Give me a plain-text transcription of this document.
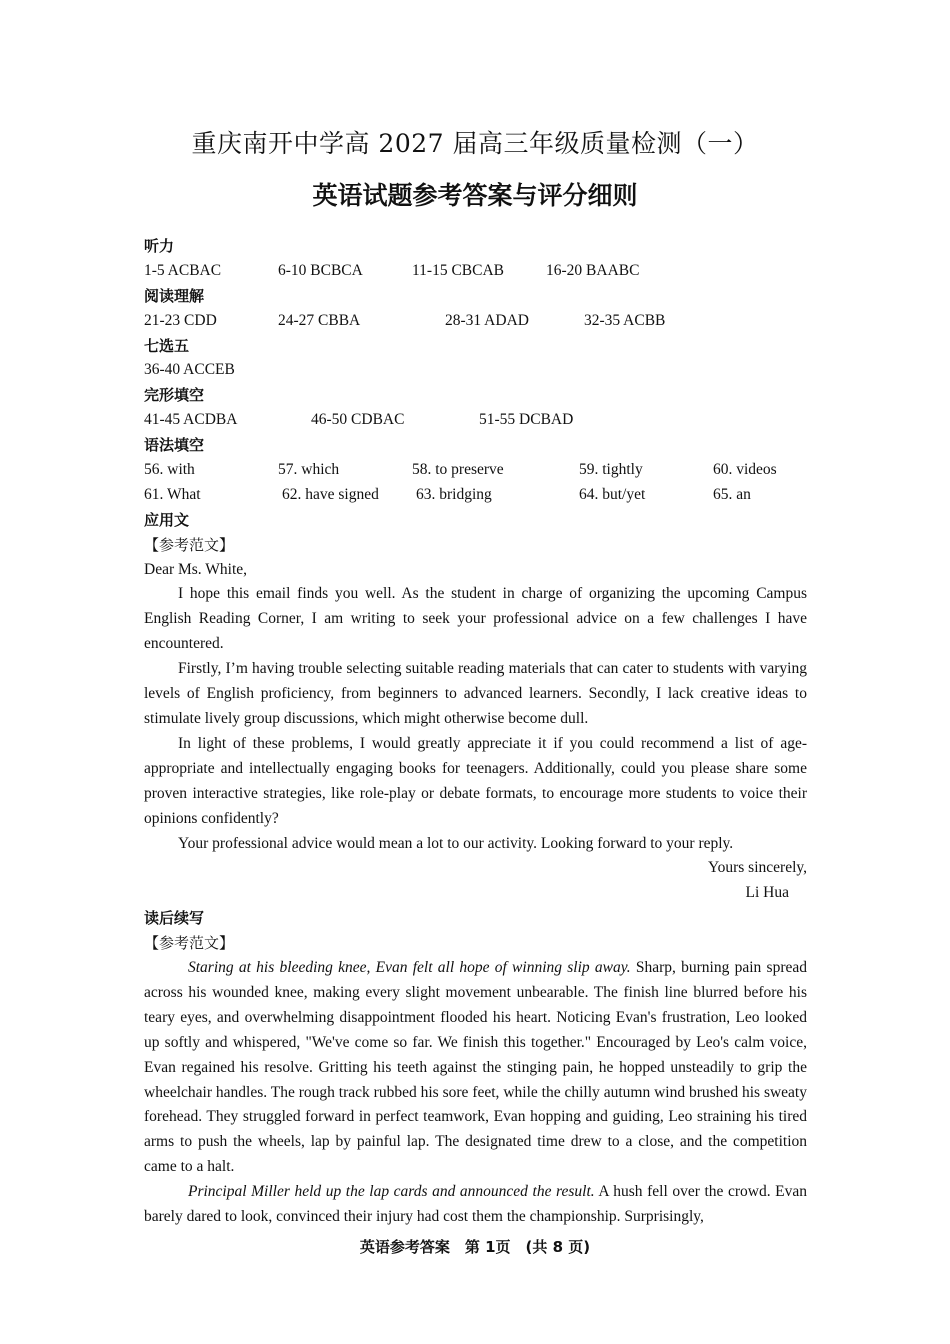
重庆南开中学高 2027 届高三年级质量检测（一）
英语试题参考答案与评分细则
听力
1-5 ACBAC	6-10 BCBCA	11-15 CBCAB	16-20 BAABC
阅读理解
21-23 CDD	24-27 CBBA	28-31 ADAD	32-35 ACBB
七选五
36-40 ACCEB
完形填空
41-45 ACDBA	46-50 CDBAC	51-55 DCBAD
语法填空
56. with	57. which	58. to preserve	59. tightly	60. videos
61. What	62. have signed 63. bridging	64. but/yet	65. an
应用文
【参考范文】
Dear Ms. White,

I hope this email finds you well. As the student in charge of organizing the upcoming Campus English Reading Corner, I am writing to seek your professional advice on a few challenges I have encountered.

Firstly, I’m having trouble selecting suitable reading materials that can cater to students with varying levels of English proficiency, from beginners to advanced learners. Secondly, I lack creative ideas to stimulate lively group discussions, which might otherwise become dull.

In light of these problems, I would greatly appreciate it if you could recommend a list of age-appropriate and intellectually engaging books for teenagers. Additionally, could you please share some proven interactive strategies, like role-play or debate formats, to encourage more students to voice their opinions confidently?

Your professional advice would mean a lot to our activity. Looking forward to your reply.

Yours sincerely,
Li Hua
读后续写
【参考范文】

Staring at his bleeding knee, Evan felt all hope of winning slip away. Sharp, burning pain spread across his wounded knee, making every slight movement unbearable. The finish line blurred before his teary eyes, and overwhelming disappointment flooded his heart. Noticing Evan's frustration, Leo looked up softly and whispered, "We've come so far. We finish this together." Encouraged by Leo's calm voice, Evan regained his resolve. Gritting his teeth against the stinging pain, he hopped unsteadily to grip the wheelchair handles. The rough track rubbed his sore feet, while the chilly autumn wind brushed his sweaty forehead. They struggled forward in perfect teamwork, Evan hopping and guiding, Leo straining his tired arms to push the wheels, lap by painful lap. The designated time drew to a close, and the competition came to a halt.

Principal Miller held up the lap cards and announced the result. A hush fell over the crowd. Evan barely dared to look, convinced their injury had cost them the championship. Surprisingly,

英语参考答案　第 1页　(共 8 页)
